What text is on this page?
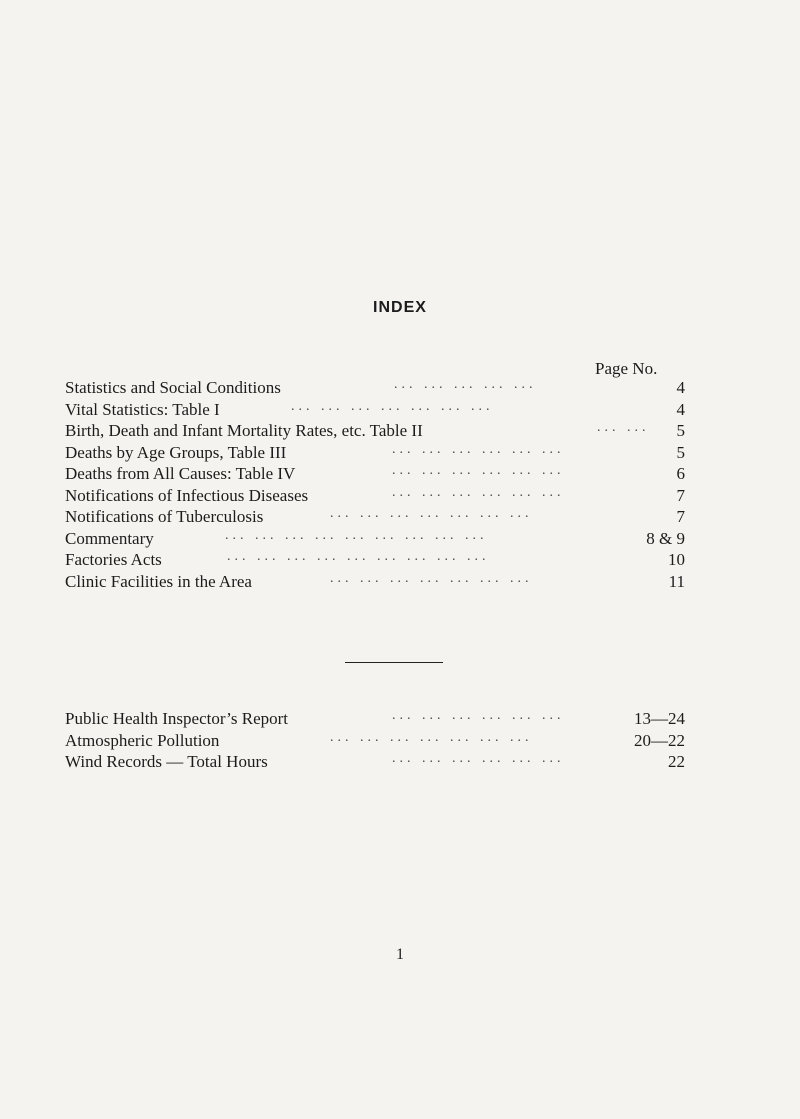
INDEX
Page No.
Statistics and Social Conditions	... ... ... ... ...	4
Vital Statistics: Table I	... ... ... ... ... ... ...	4
Birth, Death and Infant Mortality Rates, etc. Table II	... ... 5
Deaths by Age Groups, Table III	... ... ... ... ... ...	5
Deaths from All Causes: Table IV	... ... ... ... ... ...	6
Notifications of Infectious Diseases	... ... ... ... ... ...	7
Notifications of Tuberculosis	... ... ... ... ... ... ...	7
Commentary	... ... ... ... ... ... ... ... ...	8 & 9
Factories Acts	... ... ... ... ... ... ... ... ...	10
Clinic Facilities in the Area	... ... ... ... ... ... ...	11
Public Health Inspector’s Report	... ... ... ... ... ...	13—24
Atmospheric Pollution	... ... ... ... ... ... ...	20—22
Wind Records — Total Hours	... ... ... ... ... ...	22
1
